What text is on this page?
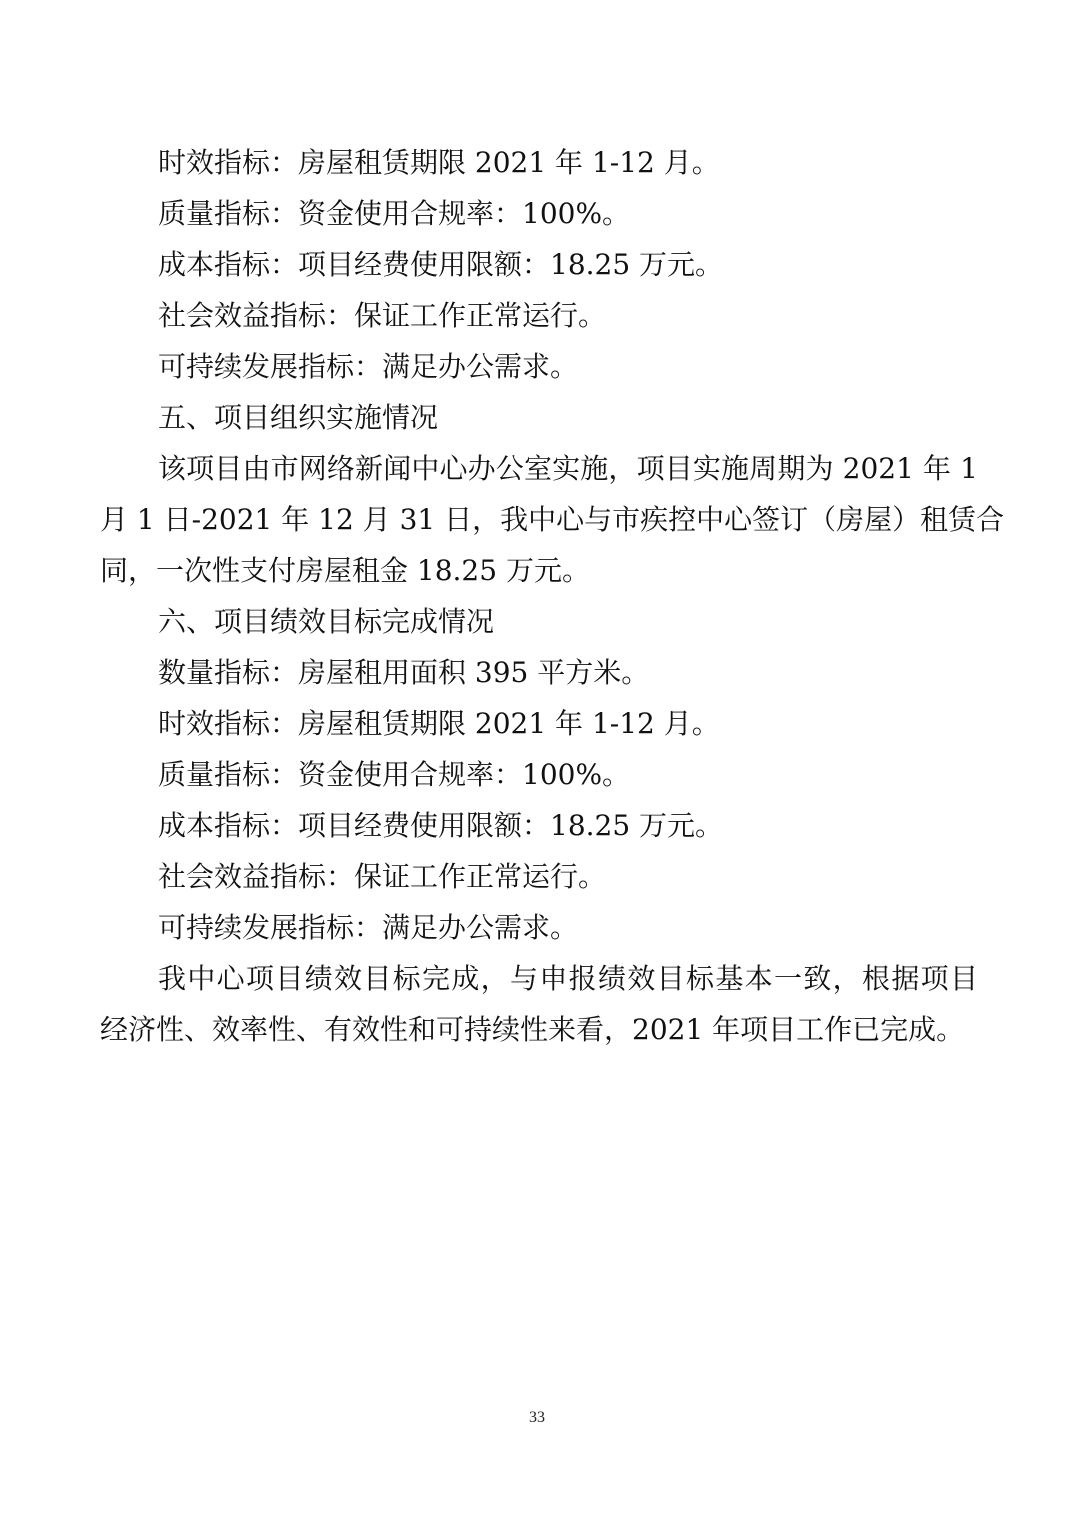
时效指标：房屋租赁期限 2021 年 1-12 月。
质量指标：资金使用合规率：100%。
成本指标：项目经费使用限额：18.25 万元。
社会效益指标：保证工作正常运行。
可持续发展指标：满足办公需求。
五、项目组织实施情况
该项目由市网络新闻中心办公室实施，项目实施周期为 2021 年 1
月 1 日-2021 年 12 月 31 日，我中心与市疾控中心签订（房屋）租赁合
同，一次性支付房屋租金 18.25 万元。
六、项目绩效目标完成情况
数量指标：房屋租用面积 395 平方米。
时效指标：房屋租赁期限 2021 年 1-12 月。
质量指标：资金使用合规率：100%。
成本指标：项目经费使用限额：18.25 万元。
社会效益指标：保证工作正常运行。
可持续发展指标：满足办公需求。
我中心项目绩效目标完成，与申报绩效目标基本一致，根据项目
经济性、效率性、有效性和可持续性来看，2021 年项目工作已完成。
33
